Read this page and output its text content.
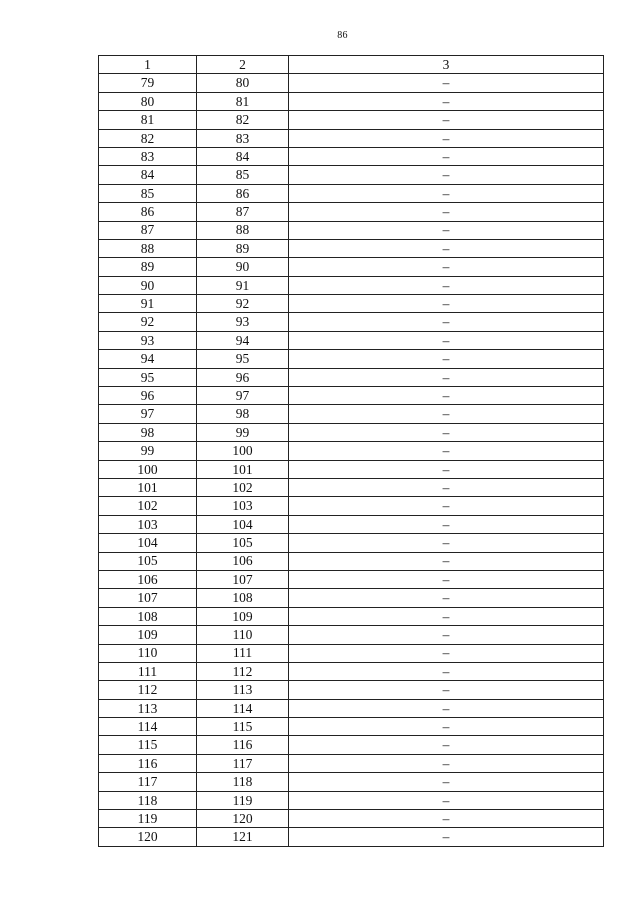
86
1	2	3
79	80	–
80	81	–
81	82	–
82	83	–
83	84	–
84	85	–
85	86	–
86	87	–
87	88	–
88	89	–
89	90	–
90	91	–
91	92	–
92	93	–
93	94	–
94	95	–
95	96	–
96	97	–
97	98	–
98	99	–
99	100	–
100	101	–
101	102	–
102	103	–
103	104	–
104	105	–
105	106	–
106	107	–
107	108	–
108	109	–
109	110	–
110	111	–
111	112	–
112	113	–
113	114	–
114	115	–
115	116	–
116	117	–
117	118	–
118	119	–
119	120	–
120	121	–
